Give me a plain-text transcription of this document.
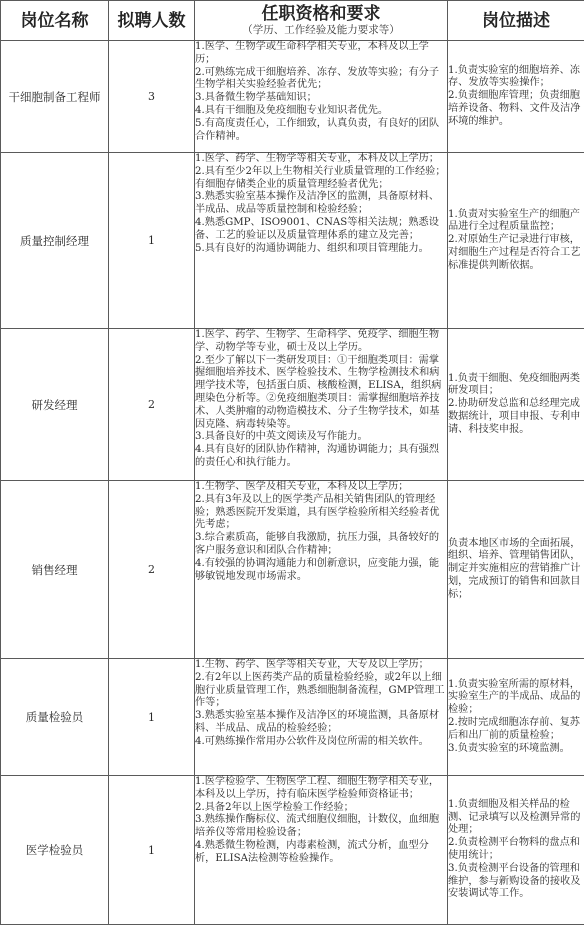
岗位名称	拟聘人数	任职资格和要求
（学历、工作经验及能力要求等）	岗位描述

干细胞制备工程师	3	1.医学、生物学或生命科学相关专业，本科及以上学历；
2.可熟练完成干细胞培养、冻存、发放等实验；有分子生物学相关实验经验者优先；
3.具备微生物学基础知识；
4.具有干细胞及免疫细胞专业知识者优先。
5.有高度责任心，工作细致，认真负责，有良好的团队合作精神。	1.负责实验室的细胞培养、冻存、发放等实验操作；
2.负责细胞库管理；负责细胞培养设备、物料、文件及洁净环境的维护。

质量控制经理	1	1.医学、药学、生物学等相关专业，本科及以上学历；
2.具有至少2年以上生物相关行业质量管理的工作经验；有细胞存储类企业的质量管理经验者优先；
3.熟悉实验室基本操作及洁净区的监测，具备原材料、半成品、成品等质量控制和检验经验；
4.熟悉GMP、ISO9001、CNAS等相关法规；熟悉设备、工艺的验证以及质量管理体系的建立及完善；
5.具有良好的沟通协调能力、组织和项目管理能力。	1.负责对实验室生产的细胞产品进行全过程质量监控；
2.对原始生产记录进行审核，对细胞生产过程是否符合工艺标准提供判断依据。

研发经理	2	1.医学、药学、生物学、生命科学、免疫学、细胞生物学、动物学等专业，硕士及以上学历。
2.至少了解以下一类研发项目：①干细胞类项目：需掌握细胞培养技术、医学检验技术、生物学检测技术和病理学技术等，包括蛋白质、核酸检测，ELISA，组织病理染色分析等。②免疫细胞类项目：需掌握细胞培养技术、人类肿瘤的动物造模技术、分子生物学技术，如基因克隆、病毒转染等。
3.具备良好的中英文阅读及写作能力。
4.具有良好的团队协作精神，沟通协调能力；具有强烈的责任心和执行能力。	1.负责干细胞、免疫细胞两类研发项目；
2.协助研发总监和总经理完成数据统计，项目申报、专利申请、科技奖申报。

销售经理	2	1.生物学、医学及相关专业，本科及以上学历；
2.具有3年及以上的医学类产品相关销售团队的管理经验；熟悉医院开发渠道，具有医学检验所相关经验者优先考虑；
3.综合素质高，能够自我激励，抗压力强，具备较好的客户服务意识和团队合作精神；
4.有较强的协调沟通能力和创新意识，应变能力强，能够敏锐地发现市场需求。	负责本地区市场的全面拓展，组织、培养、管理销售团队，制定并实施相应的营销推广计划，完成预订的销售和回款目标；

质量检验员	1	1.生物、药学、医学等相关专业，大专及以上学历；
2.有2年以上医药类产品的质量检验经验，或2年以上细胞行业质量管理工作，熟悉细胞制备流程，GMP管理工作等；
3.熟悉实验室基本操作及洁净区的环境监测，具备原材料、半成品、成品的检验经验；
4.可熟练操作常用办公软件及岗位所需的相关软件。	1.负责实验室所需的原材料，实验室生产的半成品、成品的检验；
2.按时完成细胞冻存前、复苏后和出厂前的质量检验；
3.负责实验室的环境监测。

医学检验员	1	1.医学检验学、生物医学工程、细胞生物学相关专业，本科及以上学历，持有临床医学检验师资格证书；
2.具备2年以上医学检验工作经验；
3.熟练操作酶标仪、流式细胞仪细胞，计数仪，血细胞培养仪等常用检验设备；
4.熟悉微生物检测，内毒素检测，流式分析，血型分析，ELISA法检测等检验操作。	1.负责细胞及相关样品的检测、记录填写以及检测异常的处理；
2.负责检测平台物料的盘点和使用统计；
3.负责检测平台设备的管理和维护，参与新购设备的接收及安装调试等工作。
